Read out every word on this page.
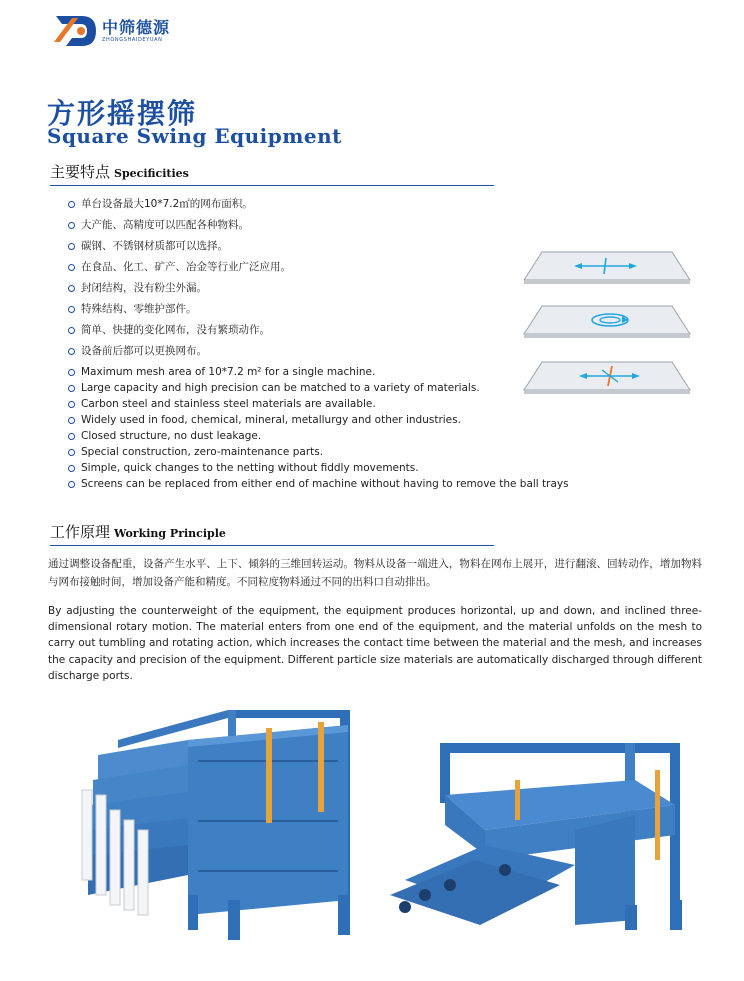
中筛德源
ZHONGSHAIDEYUAN
方形摇摆筛
Square Swing Equipment
主要特点 Specificities
单台设备最大10*7.2㎡的网布面积。
大产能、高精度可以匹配各种物料。
碳钢、不锈钢材质都可以选择。
在食品、化工、矿产、冶金等行业广泛应用。
封闭结构，没有粉尘外漏。
特殊结构、零维护部件。
简单、快捷的变化网布，没有繁琐动作。
设备前后都可以更换网布。
Maximum mesh area of 10*7.2 m² for a single machine.
Large capacity and high precision can be matched to a variety of materials.
Carbon steel and stainless steel materials are available.
Widely used in food, chemical, mineral, metallurgy and other industries.
Closed structure, no dust leakage.
Special construction, zero-maintenance parts.
Simple, quick changes to the netting without fiddly movements.
Screens can be replaced from either end of machine without having to remove the ball trays
工作原理 Working Principle

通过调整设备配重，设备产生水平、上下、倾斜的三维回转运动。物料从设备一端进入，物料在网布上展开，进行翻滚、回转动作，增加物料与网布接触时间，增加设备产能和精度。不同粒度物料通过不同的出料口自动排出。

By adjusting the counterweight of the equipment, the equipment produces horizontal, up and down, and inclined three-dimensional rotary motion. The material enters from one end of the equipment, and the material unfolds on the mesh to carry out tumbling and rotating action, which increases the contact time between the material and the mesh, and increases the capacity and precision of the equipment. Different particle size materials are automatically discharged through different discharge ports.
